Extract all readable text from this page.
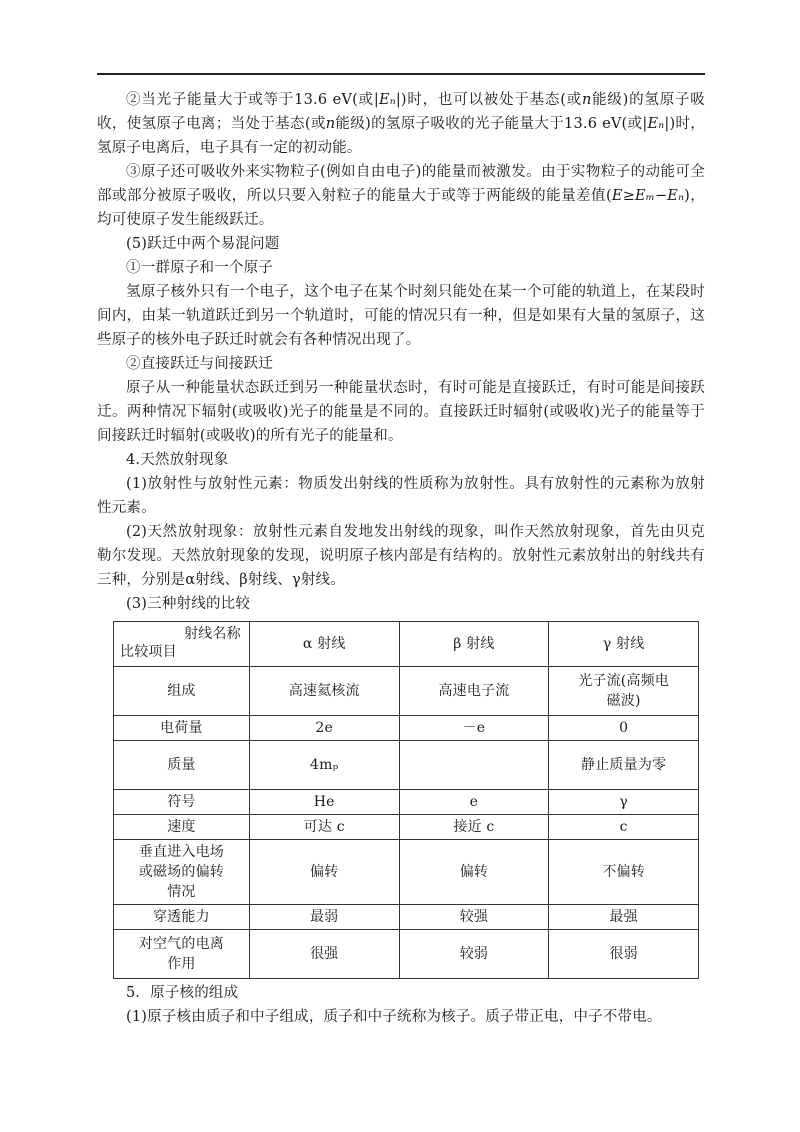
②当光子能量大于或等于13.6 eV(或|Eₙ|)时，也可以被处于基态(或n能级)的氢原子吸收，使氢原子电离；当处于基态(或n能级)的氢原子吸收的光子能量大于13.6 eV(或|Eₙ|)时，氢原子电离后，电子具有一定的初动能。

③原子还可吸收外来实物粒子(例如自由电子)的能量而被激发。由于实物粒子的动能可全部或部分被原子吸收，所以只要入射粒子的能量大于或等于两能级的能量差值(E≥Eₘ−Eₙ)，均可使原子发生能级跃迁。

(5)跃迁中两个易混问题

①一群原子和一个原子

氢原子核外只有一个电子，这个电子在某个时刻只能处在某一个可能的轨道上，在某段时间内，由某一轨道跃迁到另一个轨道时，可能的情况只有一种，但是如果有大量的氢原子，这些原子的核外电子跃迁时就会有各种情况出现了。

②直接跃迁与间接跃迁

原子从一种能量状态跃迁到另一种能量状态时，有时可能是直接跃迁，有时可能是间接跃迁。两种情况下辐射(或吸收)光子的能量是不同的。直接跃迁时辐射(或吸收)光子的能量等于间接跃迁时辐射(或吸收)的所有光子的能量和。

4.天然放射现象

(1)放射性与放射性元素：物质发出射线的性质称为放射性。具有放射性的元素称为放射性元素。

(2)天然放射现象：放射性元素自发地发出射线的现象，叫作天然放射现象，首先由贝克勒尔发现。天然放射现象的发现，说明原子核内部是有结构的。放射性元素放射出的射线共有三种，分别是α射线、β射线、γ射线。

(3)三种射线的比较

射线名称
比较项目	α 射线	β 射线	γ 射线
组成	高速氦核流	高速电子流	光子流(高频电磁波)
电荷量	2e	－e	0
质量	4mₚ		静止质量为零
符号	He	e	γ
速度	可达 c	接近 c	c
垂直进入电场或磁场的偏转情况	偏转	偏转	不偏转
穿透能力	最弱	较强	最强
对空气的电离作用	很强	较弱	很弱

5．原子核的组成

(1)原子核由质子和中子组成，质子和中子统称为核子。质子带正电，中子不带电。
